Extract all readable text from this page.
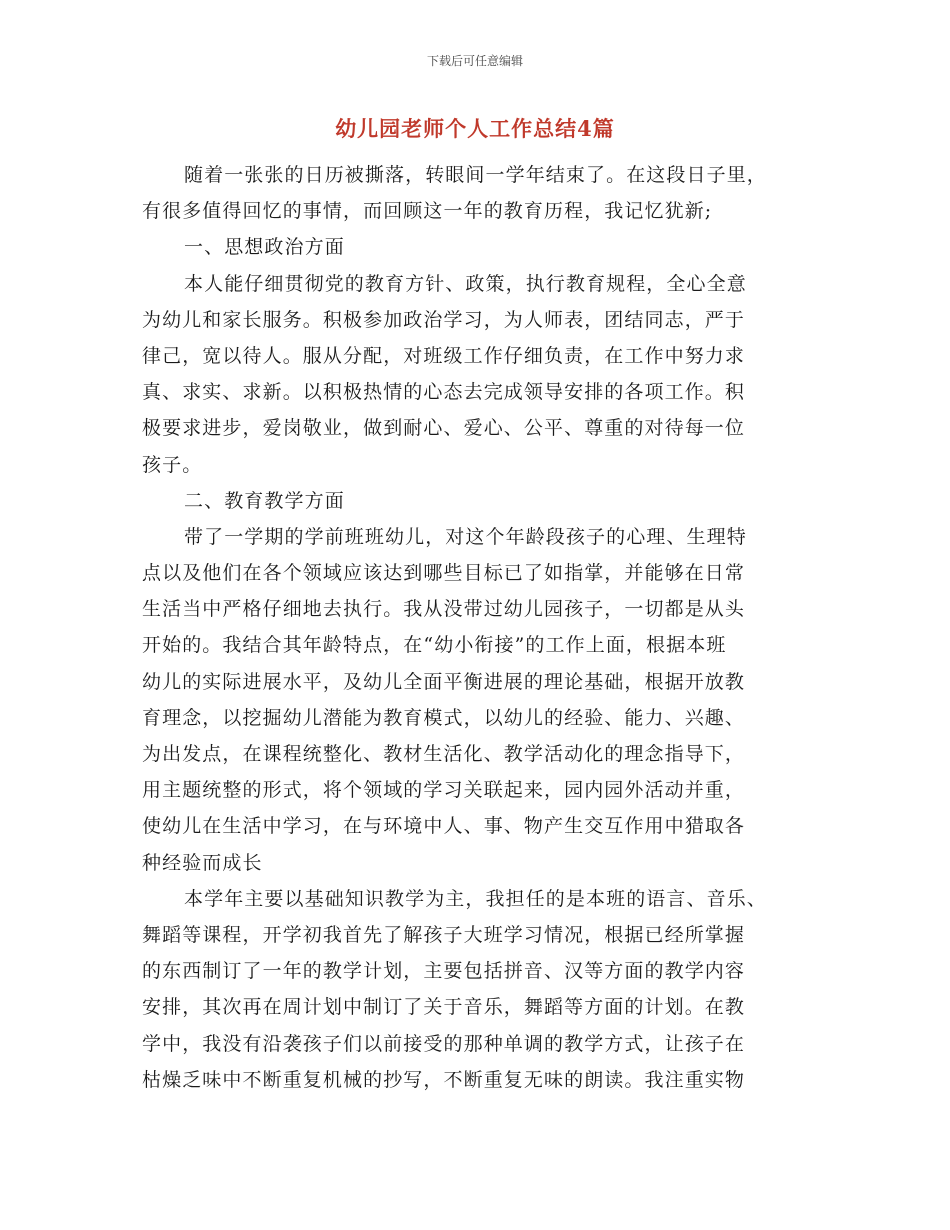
下载后可任意编辑
幼儿园老师个人工作总结4篇
随着一张张的日历被撕落，转眼间一学年结束了。在这段日子里，
有很多值得回忆的事情，而回顾这一年的教育历程，我记忆犹新;
一、思想政治方面
本人能仔细贯彻党的教育方针、政策，执行教育规程，全心全意
为幼儿和家长服务。积极参加政治学习，为人师表，团结同志，严于
律己，宽以待人。服从分配，对班级工作仔细负责，在工作中努力求
真、求实、求新。以积极热情的心态去完成领导安排的各项工作。积
极要求进步，爱岗敬业，做到耐心、爱心、公平、尊重的对待每一位
孩子。
二、教育教学方面
带了一学期的学前班班幼儿，对这个年龄段孩子的心理、生理特
点以及他们在各个领域应该达到哪些目标已了如指掌，并能够在日常
生活当中严格仔细地去执行。我从没带过幼儿园孩子，一切都是从头
开始的。我结合其年龄特点，在“幼小衔接”的工作上面，根据本班
幼儿的实际进展水平，及幼儿全面平衡进展的理论基础，根据开放教
育理念，以挖掘幼儿潜能为教育模式，以幼儿的经验、能力、兴趣、
为出发点，在课程统整化、教材生活化、教学活动化的理念指导下，
用主题统整的形式，将个领域的学习关联起来，园内园外活动并重，
使幼儿在生活中学习，在与环境中人、事、物产生交互作用中猎取各
种经验而成长
本学年主要以基础知识教学为主，我担任的是本班的语言、音乐、
舞蹈等课程，开学初我首先了解孩子大班学习情况，根据已经所掌握
的东西制订了一年的教学计划，主要包括拼音、汉等方面的教学内容
安排，其次再在周计划中制订了关于音乐，舞蹈等方面的计划。在教
学中，我没有沿袭孩子们以前接受的那种单调的教学方式，让孩子在
枯燥乏味中不断重复机械的抄写，不断重复无味的朗读。我注重实物
